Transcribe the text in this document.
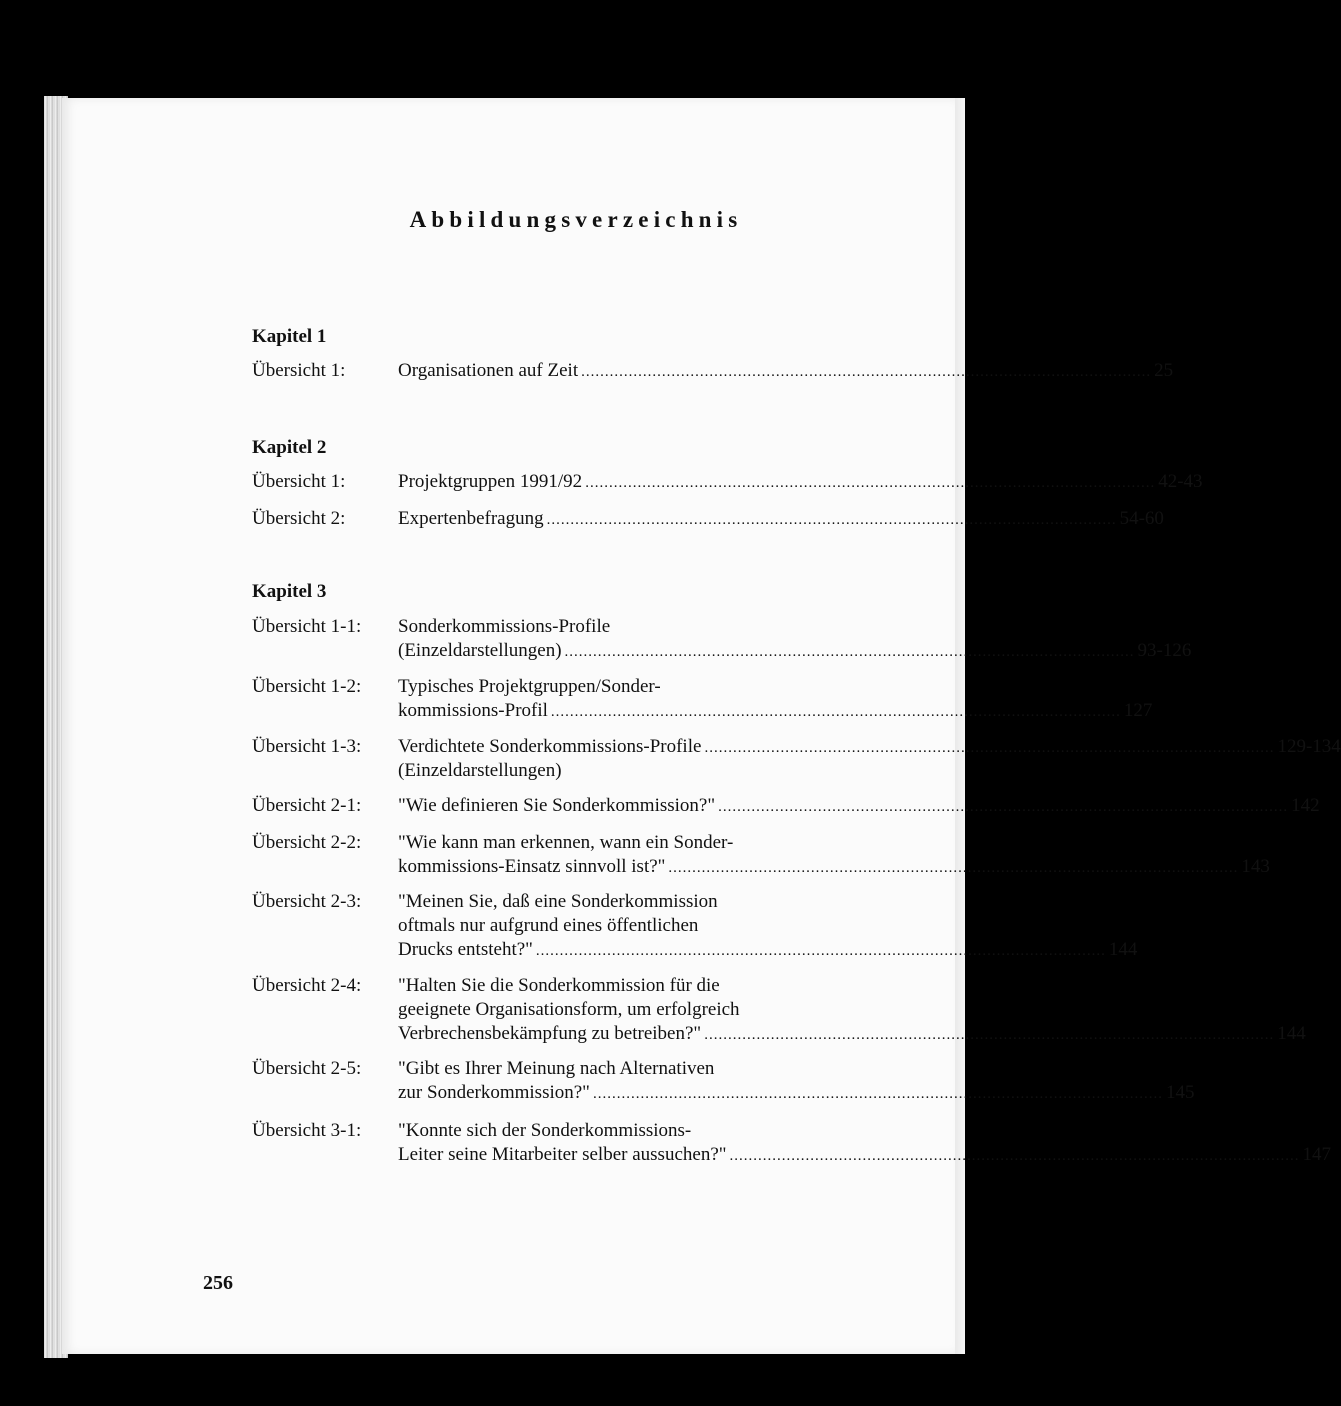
Abbildungsverzeichnis
Kapitel 1
Übersicht 1:	Organisationen auf Zeit ........................................................................................................................ 25
Kapitel 2
Übersicht 1:	Projektgruppen 1991/92 ........................................................................................................................ 42-43
Übersicht 2:	Expertenbefragung ........................................................................................................................ 54-60
Kapitel 3
Übersicht 1-1: Sonderkommissions-Profile
(Einzeldarstellungen) ........................................................................................................................ 93-126
Übersicht 1-2: Typisches Projektgruppen/Sonder-
kommissions-Profil ........................................................................................................................ 127
Übersicht 1-3: Verdichtete Sonderkommissions-Profile ........................................................................................................................ 129-134
(Einzeldarstellungen)
Übersicht 2-1: "Wie definieren Sie Sonderkommission?" ........................................................................................................................ 142
Übersicht 2-2: "Wie kann man erkennen, wann ein Sonder-
kommissions-Einsatz sinnvoll ist?" ........................................................................................................................ 143
Übersicht 2-3: "Meinen Sie, daß eine Sonderkommission
oftmals nur aufgrund eines öffentlichen
Drucks entsteht?" ........................................................................................................................ 144
Übersicht 2-4: "Halten Sie die Sonderkommission für die
geeignete Organisationsform, um erfolgreich
Verbrechensbekämpfung zu betreiben?" ........................................................................................................................ 144
Übersicht 2-5: "Gibt es Ihrer Meinung nach Alternativen
zur Sonderkommission?" ........................................................................................................................ 145
Übersicht 3-1: "Konnte sich der Sonderkommissions-
Leiter seine Mitarbeiter selber aussuchen?" ........................................................................................................................ 147
256
